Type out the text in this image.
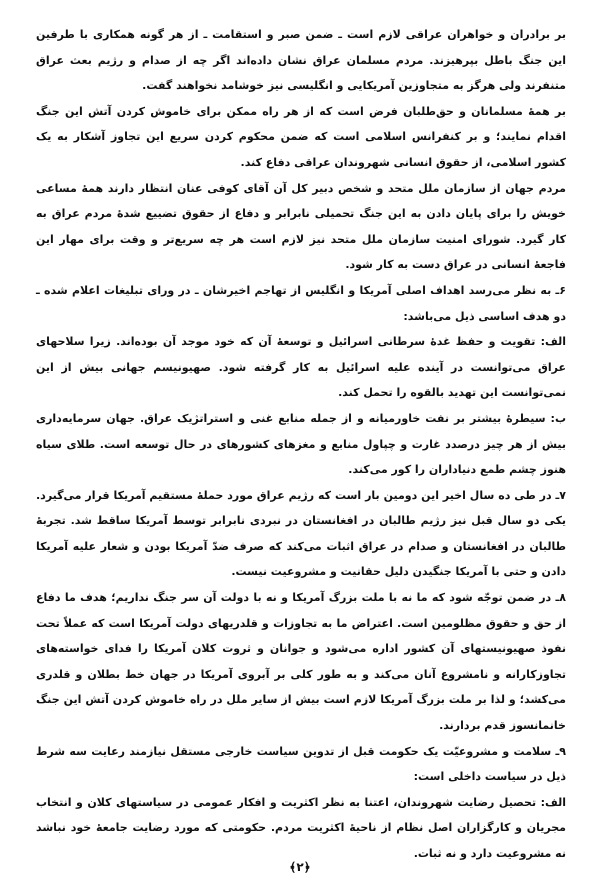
بر برادران و خواهران عراقی لازم است ـ ضمن صبر و استقامت ـ از هر گونه همکاری با طرفین این جنگ باطل بپرهیزند. مردم مسلمان عراق نشان داده‌اند اگر چه از صدام و رژیم بعث عراق متنفرند ولی هرگز به متجاوزین آمریکایی و انگلیسی نیز خوشامد نخواهند گفت.

بر همهٔ مسلمانان و حق‌طلبان فرض است که از هر راه ممکن برای خاموش کردن آتش این جنگ اقدام نمایند؛ و بر کنفرانس اسلامی است که ضمن محکوم کردن سریع این تجاوز آشکار به یک کشور اسلامی، از حقوق انسانی شهروندان عراقی دفاع کند.

مردم جهان از سازمان ملل متحد و شخص دبیر کل آن آقای کوفی عنان انتظار دارند همهٔ مساعی خویش را برای پایان دادن به این جنگ تحمیلی نابرابر و دفاع از حقوق تضییع شدهٔ مردم عراق به کار گیرد. شورای امنیت سازمان ملل متحد نیز لازم است هر چه سریع‌تر و وقت برای مهار این فاجعهٔ انسانی در عراق دست به کار شود.

۶ـ به نظر می‌رسد اهداف اصلی آمریکا و انگلیس از تهاجم اخیرشان ـ در ورای تبلیغات اعلام شده ـ دو هدف اساسی ذیل می‌باشد:

الف: تقویت و حفظ غدهٔ سرطانی اسرائیل و توسعهٔ آن که خود موجد آن بوده‌اند. زیرا سلاحهای عراق می‌توانست در آینده علیه اسرائیل به کار گرفته شود. صهیونیسم جهانی بیش از این نمی‌توانست این تهدید بالقوه را تحمل کند.

ب: سیطرهٔ بیشتر بر نفت خاورمیانه و از جمله منابع غنی و استراتژیک عراق. جهان سرمایه‌داری بیش از هر چیز درصدد غارت و چپاول منابع و مغزهای کشورهای در حال توسعه است. طلای سیاه هنوز چشم طمع دنیاداران را کور می‌کند.

۷ـ در طی ده سال اخیر این دومین بار است که رژیم عراق مورد حملهٔ مستقیم آمریکا قرار می‌گیرد. یکی دو سال قبل نیز رژیم طالبان در افغانستان در نبردی نابرابر توسط آمریکا ساقط شد. تجربهٔ طالبان در افغانستان و صدام در عراق اثبات می‌کند که صرف ضدّ آمریکا بودن و شعار علیه آمریکا دادن و حتی با آمریکا جنگیدن دلیل حقانیت و مشروعیت نیست.

۸ـ در ضمن توجّه شود که ما نه با ملت بزرگ آمریکا و نه با دولت آن سر جنگ نداریم؛ هدف ما دفاع از حق و حقوق مظلومین است. اعتراض ما به تجاوزات و قلدریهای دولت آمریکا است که عملاً تحت نفوذ صهیونیستهای آن کشور اداره می‌شود و جوانان و ثروت کلان آمریکا را فدای خواسته‌های تجاوزکارانه و نامشروع آنان می‌کند و به طور کلی بر آبروی آمریکا در جهان خط بطلان و قلدری می‌کشد؛ و لذا بر ملت بزرگ آمریکا لازم است بیش از سایر ملل در راه خاموش کردن آتش این جنگ خانمانسوز قدم بردارند.

۹ـ سلامت و مشروعیّت یک حکومت قبل از تدوین سیاست خارجی مستقل نیازمند رعایت سه شرط ذیل در سیاست داخلی است:

الف: تحصیل رضایت شهروندان، اعتنا به نظر اکثریت و افکار عمومی در سیاستهای کلان و انتخاب مجریان و کارگزاران اصل نظام از ناحیهٔ اکثریت مردم. حکومتی که مورد رضایت جامعهٔ خود نباشد نه مشروعیت دارد و نه ثبات.

﴿۲﴾
